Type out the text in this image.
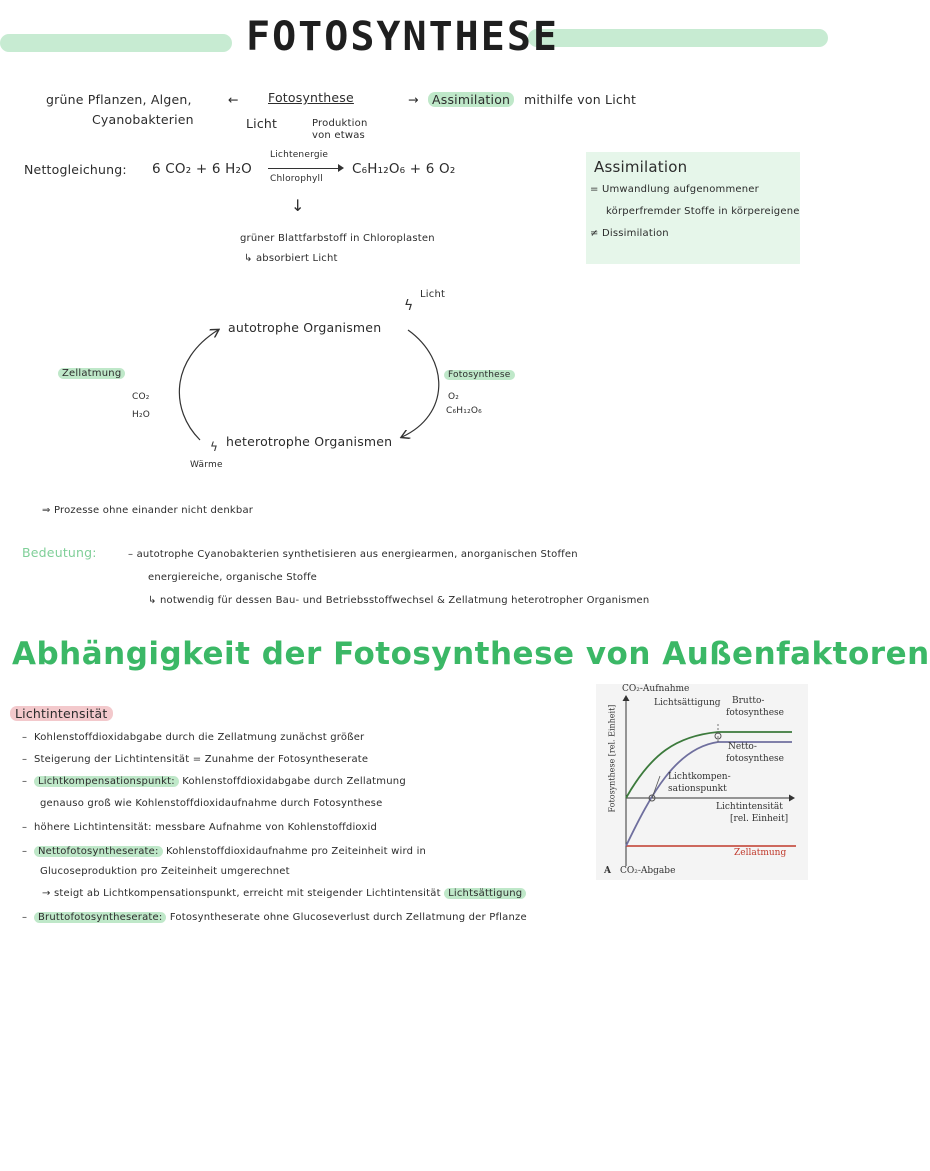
FOTOSYNTHESE
grüne Pflanzen, Algen,
Cyanobakterien
← Fotosynthese
Licht	Produktion
von etwas
→	Assimilation	mithilfe von Licht
Nettogleichung: 6 CO₂ + 6 H₂O
Lichtenergie
Chlorophyll
C₆H₁₂O₆ + 6 O₂
↓
grüner Blattfarbstoff in Chloroplasten
↳ absorbiert Licht
Assimilation
= Umwandlung aufgenommener
körperfremder Stoffe in körpereigene
≠ Dissimilation
Licht
ϟ
autotrophe Organismen
heterotrophe Organismen
Zellatmung
CO₂
H₂O
Fotosynthese
O₂
C₆H₁₂O₆
ϟ
Wärme
⇒ Prozesse ohne einander nicht denkbar
Bedeutung:	– autotrophe Cyanobakterien synthetisieren aus energiearmen, anorganischen Stoffen
energiereiche, organische Stoffe
↳ notwendig für dessen Bau- und Betriebsstoffwechsel & Zellatmung heterotropher Organismen
Abhängigkeit der Fotosynthese von Außenfaktoren
Lichtintensität
–  Kohlenstoffdioxidabgabe durch die Zellatmung zunächst größer
–  Steigerung der Lichtintensität = Zunahme der Fotosyntheserate
–  Lichtkompensationspunkt: Kohlenstoffdioxidabgabe durch Zellatmung
genauso groß wie Kohlenstoffdioxidaufnahme durch Fotosynthese
–  höhere Lichtintensität: messbare Aufnahme von Kohlenstoffdioxid
–  Nettofotosyntheserate: Kohlenstoffdioxidaufnahme pro Zeiteinheit wird in
Glucoseproduktion pro Zeiteinheit umgerechnet
→ steigt ab Lichtkompensationspunkt, erreicht mit steigender Lichtintensität Lichtsättigung
–  Bruttofotosyntheserate: Fotosyntheserate ohne Glucoseverlust durch Zellatmung der Pflanze
CO₂-Aufnahme
Fotosynthese [rel. Einheit]
Lichtsättigung Brutto-
fotosynthese
Netto-
fotosynthese
Lichtkompen-
sationspunkt
Lichtintensität
[rel. Einheit]
Zellatmung
A CO₂-Abgabe
